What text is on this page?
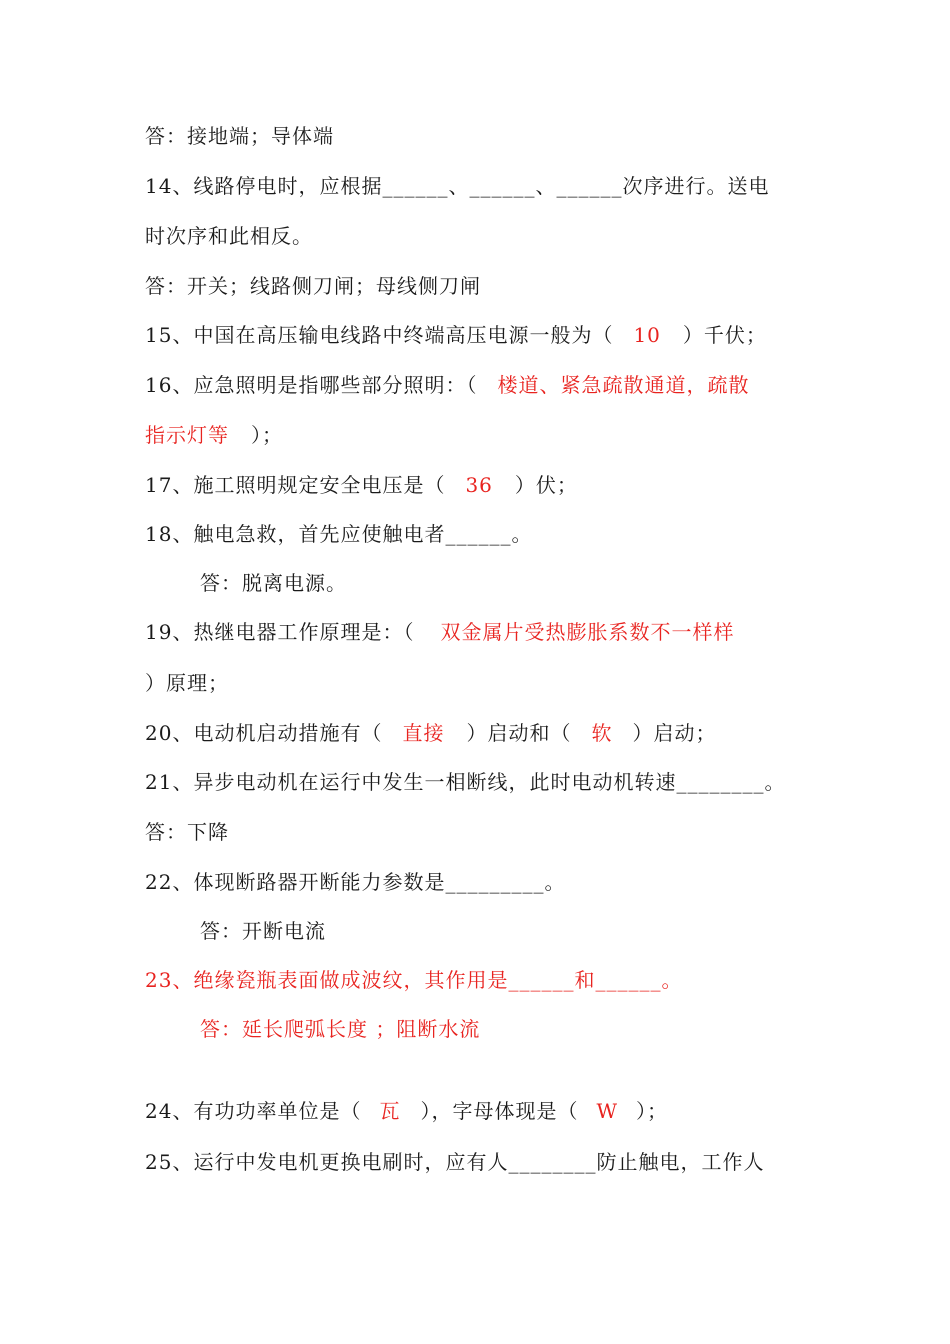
答：接地端；导体端
14、线路停电时，应根据______、______、______次序进行。送电
时次序和此相反。
答：开关；线路侧刀闸；母线侧刀闸
15、中国在高压输电线路中终端高压电源一般为（ 10 ）千伏；
16、应急照明是指哪些部分照明：（ 楼道、紧急疏散通道，疏散
指示灯等 ）；
17、施工照明规定安全电压是（ 36 ）伏；
18、触电急救，首先应使触电者______。
答：脱离电源。
19、热继电器工作原理是：（ 双金属片受热膨胀系数不一样样
）原理；
20、电动机启动措施有（ 直接 ）启动和（ 软 ）启动；
21、异步电动机在运行中发生一相断线，此时电动机转速________。
答：下降
22、体现断路器开断能力参数是_________。
答：开断电流
23、绝缘瓷瓶表面做成波纹，其作用是______和______。
答：延长爬弧长度 ；阻断水流
24、有功功率单位是（ 瓦 ），字母体现是（ W ）；
25、运行中发电机更换电刷时，应有人________防止触电，工作人
